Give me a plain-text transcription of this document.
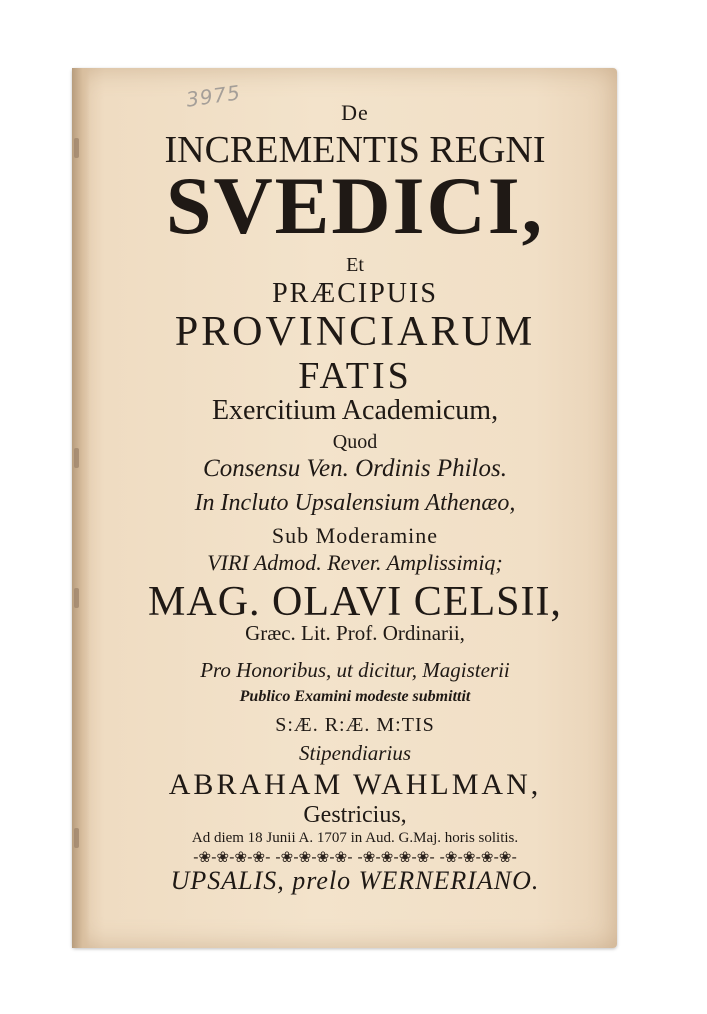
3975
De
INCREMENTIS REGNI
SVEDICI,
Et
PRÆCIPUIS
PROVINCIARUM
FATIS
Exercitium Academicum,
Quod
Consensu Ven. Ordinis Philos.
In Incluto Upsalensium Athenæo,
Sub Moderamine
VIRI Admod. Rever. Amplissimiq;
MAG. OLAVI CELSII,
Græc. Lit. Prof. Ordinarii,
Pro Honoribus, ut dicitur, Magisterii
Publico Examini modeste submittit
S:Æ. R:Æ. M:TIS
Stipendiarius
ABRAHAM WAHLMAN,
Gestricius,
Ad diem 18 Junii A. 1707 in Aud. G.Maj. horis solitis.
-❀-❀-❀-❀- -❀-❀-❀-❀- -❀-❀-❀-❀- -❀-❀-❀-❀-
UPSALIS, prelo WERNERIANO.
